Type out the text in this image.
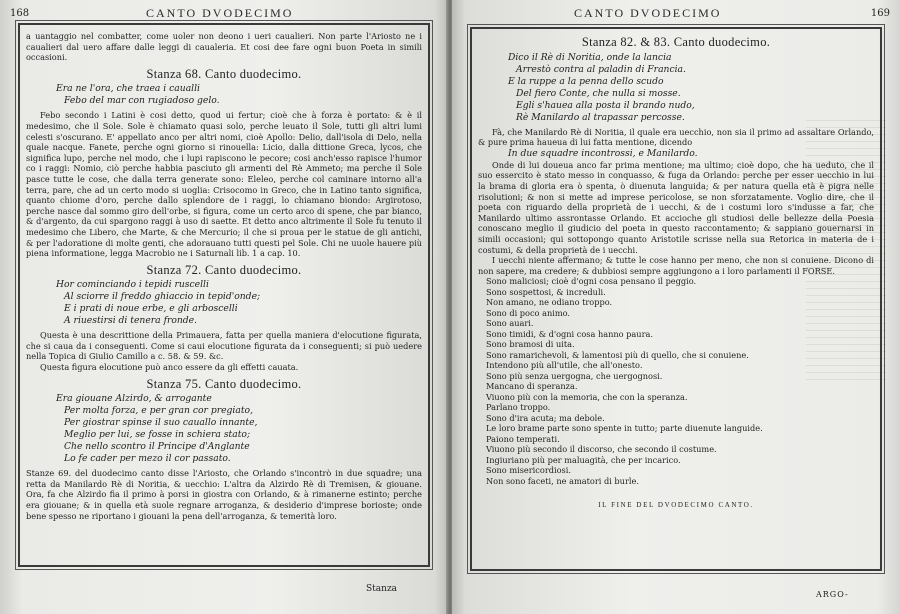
168	CANTO DVODECIMO

a uantaggio nel combatter, come uoler non deono i ueri caualieri. Non parte l'Ariosto ne i caualieri dal uero affare dalle leggi di caualeria. Et cosi dee fare ogni buon Poeta in simili occasioni.

Stanza 68. Canto duodecimo.
Era ne l'ora, che traea i caualli
Febo del mar con rugiadoso gelo.

Febo secondo i Latini è cosi detto, quod ui fertur; cioè che à forza è portato: & è il medesimo, che il Sole. Sole è chiamato quasi solo, perche leuato il Sole, tutti gli altri lumi celesti s'oscurano. E' appellato anco per altri nomi, cioè Apollo: Delio, dall'isola di Delo, nella quale nacque. Fanete, perche ogni giorno si rinouella: Licio, dalla dittione Greca, lycos, che significa lupo, perche nel modo, che i lupi rapiscono le pecore; cosi anch'esso rapisce l'humor co i raggi: Nomio, ciò perche habbia pasciuto gli armenti del Rè Ammeto; ma perche il Sole pasce tutte le cose, che dalla terra generate sono: Eleleo, perche col caminare intorno all'a terra, pare, che ad un certo modo si uoglia: Crisocomo in Greco, che in Latino tanto significa, quanto chiome d'oro, perche dallo splendore de i raggi, lo chiamano biondo: Argirotoso, perche nasce dal sommo giro dell'orbe, si figura, come un certo arco di spene, che par bianco, & d'argento, da cui spargono raggi à uso di saette. Et detto anco altrimente il Sole fu tenuto il medesimo che Libero, che Marte, & che Mercurio; il che si proua per le statue de gli antichi, & per l'adoratione di molte genti, che adorauano tutti questi pel Sole. Chi ne uuole hauere più piena informatione, legga Macrobio ne i Saturnali lib. 1 a cap. 10.

Stanza 72. Canto duodecimo.
Hor cominciando i tepidi ruscelli
Al sciorre il freddo ghiaccio in tepid'onde;
E i prati di noue erbe, e gli arboscelli
A riuestirsi di tenera fronde.

Questa è una descrittione della Primauera, fatta per quella maniera d'elocutione figurata, che si caua da i conseguenti. Come si caui elocutione figurata da i conseguenti; si può uedere nella Topica di Giulio Camillo a c. 58. & 59. &c.

Questa figura elocutione può anco essere da gli effetti cauata.

Stanza 75. Canto duodecimo.
Era giouane Alzirdo, & arrogante
Per molta forza, e per gran cor pregiato,
Per giostrar spinse il suo cauallo innante,
Meglio per lui, se fosse in schiera stato;
Che nello scontro il Principe d'Anglante
Lo fe cader per mezo il cor passato.

Stanze 69. del duodecimo canto disse l'Ariosto, che Orlando s'incontrò in due squadre; una retta da Manilardo Rè di Noritia, & uecchio: L'altra da Alzirdo Rè di Tremisen, & giouane. Ora, fa che Alzirdo fia il primo à porsi in giostra con Orlando, & à rimanerne estinto; perche era giouane; & in quella età suole regnare arroganza, & desiderio d'imprese borioste; onde bene spesso ne riportano i giouani la pena dell'arroganza, & temerità loro.

Stanza
CANTO DVODECIMO	169
Stanza 82. & 83. Canto duodecimo.
Dico il Rè di Noritia, onde la lancia
Arrestò contra al paladin di Francia.
E la ruppe a la penna dello scudo
Del fiero Conte, che nulla si mosse.
Egli s'hauea alla posta il brando nudo,
Rè Manilardo al trapassar percosse.

Fà, che Manilardo Rè di Noritia, il quale era uecchio, non sia il primo ad assaltare Orlando, & pure prima haueua di lui fatta mentione, dicendo

In due squadre incontrossi, e Manilardo.

Onde di lui doueua anco far prima mentione; ma ultimo; cioè dopo, che ha ueduto, che il suo essercito è stato messo in conquasso, & fuga da Orlando: perche per esser uecchio in lui la brama di gloria era ò spenta, ò diuenuta languida; & per natura quella età è pigra nelle risolutioni; & non si mette ad imprese pericolose, se non sforzatamente. Voglio dire, che il poeta con riguardo della proprietà de i uecchi, & de i costumi loro s'indusse a far, che Manilardo ultimo assrontasse Orlando. Et accioche gli studiosi delle bellezze della Poesia conoscano meglio il giudicio del poeta in questo raccontamento; & sappiano gouernarsi in simili occasioni; qui sottopongo quanto Aristotile scrisse nella sua Retorica in materia de i costumi, & della proprietà de i uecchi.

I uecchi niente affermano; & tutte le cose hanno per meno, che non si conuiene. Dicono di non sapere, ma credere; & dubbiosi sempre aggiungono a i loro parlamenti il FORSE.

Sono maliciosi; cioè d'ogni cosa pensano il peggio.
Sono sospettosi, & increduli.
Non amano, ne odiano troppo.
Sono di poco animo.
Sono auari.
Sono timidi, & d'ogni cosa hanno paura.
Sono bramosi di uita.
Sono ramarichevoli, & lamentosi più di quello, che si conuiene.
Intendono più all'utile, che all'onesto.
Sono più senza uergogna, che uergognosi.
Mancano di speranza.
Viuono più con la memoria, che con la speranza.
Parlano troppo.
Sono d'ira acuta; ma debole.
Le loro brame parte sono spente in tutto; parte diuenute languide.
Paiono temperati.
Viuono più secondo il discorso, che secondo il costume.
Ingiuriano più per maluagità, che per incarico.
Sono misericordiosi.
Non sono faceti, ne amatori di burle.
IL FINE DEL DVODECIMO CANTO.
ARGO-
